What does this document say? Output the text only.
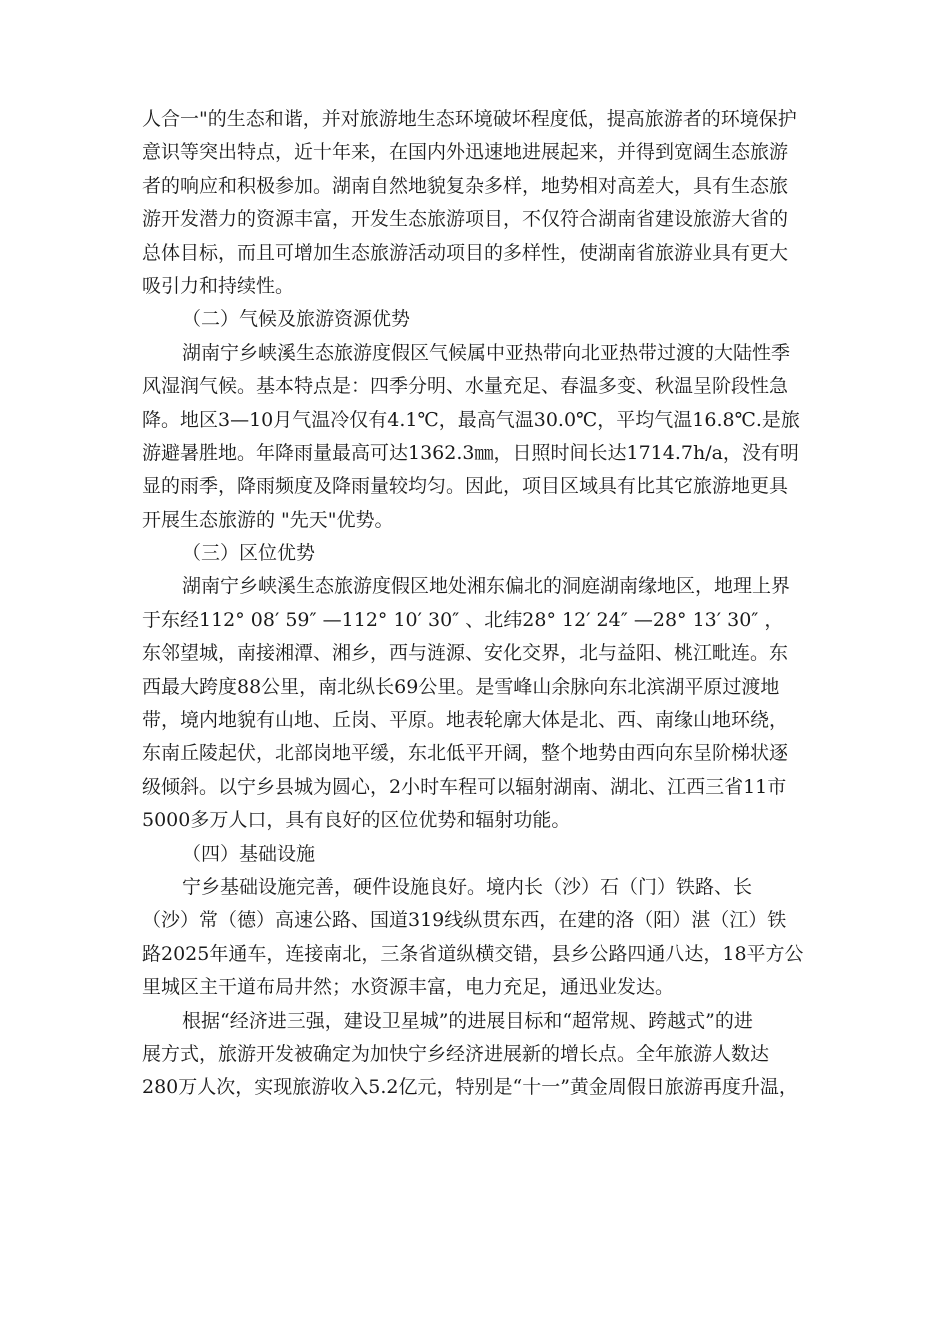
人合一"的生态和谐，并对旅游地生态环境破坏程度低，提高旅游者的环境保护
意识等突出特点，近十年来，在国内外迅速地进展起来，并得到宽阔生态旅游
者的响应和积极参加。湖南自然地貌复杂多样，地势相对高差大，具有生态旅
游开发潜力的资源丰富，开发生态旅游项目，不仅符合湖南省建设旅游大省的
总体目标，而且可增加生态旅游活动项目的多样性，使湖南省旅游业具有更大
吸引力和持续性。
（二）气候及旅游资源优势
湖南宁乡峡溪生态旅游度假区气候属中亚热带向北亚热带过渡的大陆性季
风湿润气候。基本特点是：四季分明、水量充足、春温多变、秋温呈阶段性急
降。地区3—10月气温冷仅有4.1℃，最高气温30.0℃，平均气温16.8℃.是旅
游避暑胜地。年降雨量最高可达1362.3㎜，日照时间长达1714.7h/a，没有明
显的雨季，降雨频度及降雨量较均匀。因此，项目区域具有比其它旅游地更具
开展生态旅游的 "先天"优势。
（三）区位优势
湖南宁乡峡溪生态旅游度假区地处湘东偏北的洞庭湖南缘地区，地理上界
于东经112° 08′ 59″ —112° 10′ 30″ 、北纬28° 12′ 24″ —28° 13′ 30″ ，
东邻望城，南接湘潭、湘乡，西与涟源、安化交界，北与益阳、桃江毗连。东
西最大跨度88公里，南北纵长69公里。是雪峰山余脉向东北滨湖平原过渡地
带，境内地貌有山地、丘岗、平原。地表轮廓大体是北、西、南缘山地环绕，
东南丘陵起伏，北部岗地平缓，东北低平开阔，整个地势由西向东呈阶梯状逐
级倾斜。以宁乡县城为圆心，2小时车程可以辐射湖南、湖北、江西三省11市
5000多万人口，具有良好的区位优势和辐射功能。
（四）基础设施
宁乡基础设施完善，硬件设施良好。境内长（沙）石（门）铁路、长
（沙）常（德）高速公路、国道319线纵贯东西，在建的洛（阳）湛（江）铁
路2025年通车，连接南北，三条省道纵横交错，县乡公路四通八达，18平方公
里城区主干道布局井然；水资源丰富，电力充足，通迅业发达。
根据“经济进三强，建设卫星城”的进展目标和“超常规、跨越式”的进
展方式，旅游开发被确定为加快宁乡经济进展新的增长点。全年旅游人数达
280万人次，实现旅游收入5.2亿元，特别是“十一”黄金周假日旅游再度升温，
